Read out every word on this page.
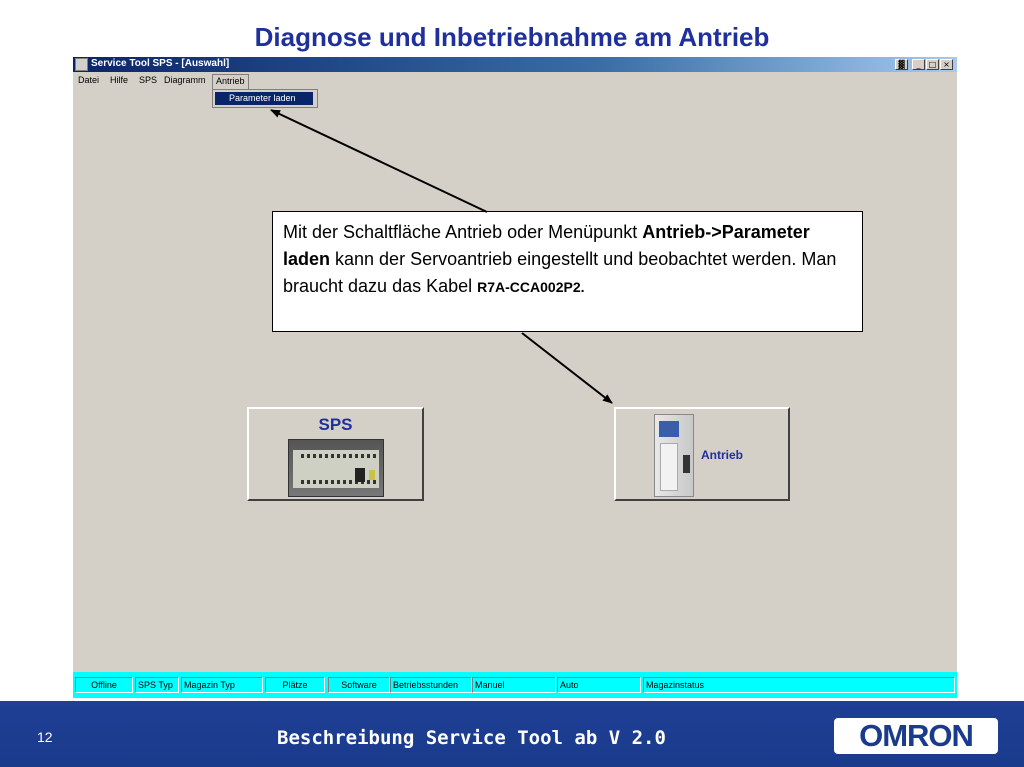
Diagnose und Inbetriebnahme am Antrieb
Service Tool SPS - [Auswahl]	▓	_	□ ×
Datei Hilfe SPS Diagramm	Antrieb
Parameter laden
SPS
Antrieb
Offline	SPS Typ	Magazin Typ	Plätze	Software	Betriebsstunden	Manuel	Auto	Magazinstatus
Mit der Schaltfläche Antrieb oder Menüpunkt Antrieb->Parameter laden kann der Servoantrieb eingestellt und beobachtet werden. Man braucht dazu das Kabel R7A-CCA002P2.
12	Beschreibung Service Tool ab V 2.0	OMRON
